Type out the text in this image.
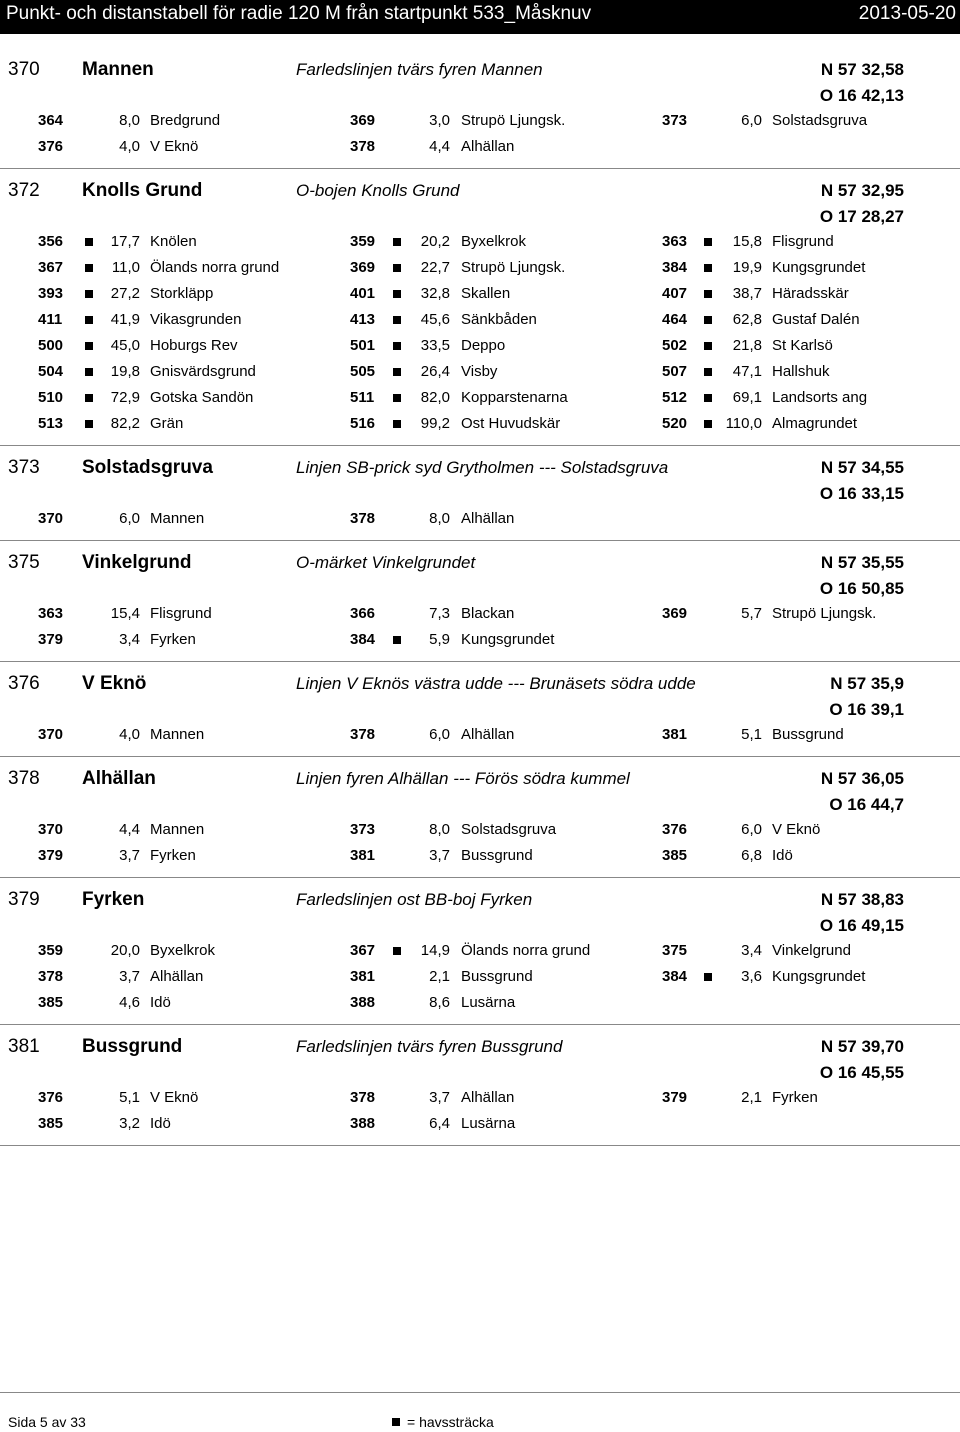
Punkt- och distanstabell för radie 120 M från startpunkt 533_Måsknuv	2013-05-20
370 Mannen	Farledslinjen tvärs fyren Mannen	N 57 32,58
O 16 42,13
364	8,0 Bredgrund	369	3,0 Strupö Ljungsk.	373	6,0 Solstadsgruva
376	4,0 V Eknö	378	4,4 Alhällan
372 Knolls Grund	O-bojen Knolls Grund	N 57 32,95
O 17 28,27
356	17,7 Knölen	359	20,2 Byxelkrok	363	15,8 Flisgrund
367	11,0 Ölands norra grund	369	22,7 Strupö Ljungsk.	384	19,9 Kungsgrundet
393	27,2 Storkläpp	401	32,8 Skallen	407	38,7 Häradsskär
411	41,9 Vikasgrunden	413	45,6 Sänkbåden	464	62,8 Gustaf Dalén
500	45,0 Hoburgs Rev	501	33,5 Deppo	502	21,8 St Karlsö
504	19,8 Gnisvärdsgrund	505	26,4 Visby	507	47,1 Hallshuk
510	72,9 Gotska Sandön	511	82,0 Kopparstenarna	512	69,1 Landsorts ang
513	82,2 Grän	516	99,2 Ost Huvudskär	520	110,0 Almagrundet
373 Solstadsgruva	Linjen SB-prick syd Grytholmen --- Solstadsgruva	N 57 34,55
O 16 33,15
370	6,0 Mannen	378	8,0 Alhällan
375 Vinkelgrund	O-märket Vinkelgrundet	N 57 35,55
O 16 50,85
363	15,4 Flisgrund	366	7,3 Blackan	369	5,7 Strupö Ljungsk.
379	3,4 Fyrken	384	5,9 Kungsgrundet
376 V Eknö	Linjen V Eknös västra udde --- Brunäsets södra udde	N 57 35,9
O 16 39,1
370	4,0 Mannen	378	6,0 Alhällan	381	5,1 Bussgrund
378 Alhällan	Linjen fyren Alhällan --- Förös södra kummel	N 57 36,05
O 16 44,7
370	4,4 Mannen	373	8,0 Solstadsgruva	376	6,0 V Eknö
379	3,7 Fyrken	381	3,7 Bussgrund	385	6,8 Idö
379 Fyrken	Farledslinjen ost BB-boj Fyrken	N 57 38,83
O 16 49,15
359	20,0 Byxelkrok	367	14,9 Ölands norra grund	375	3,4 Vinkelgrund
378	3,7 Alhällan	381	2,1 Bussgrund	384	3,6 Kungsgrundet
385	4,6 Idö	388	8,6 Lusärna
381 Bussgrund	Farledslinjen tvärs fyren Bussgrund	N 57 39,70
O 16 45,55
376	5,1 V Eknö	378	3,7 Alhällan	379	2,1 Fyrken
385	3,2 Idö	388	6,4 Lusärna
Sida 5 av 33	= havssträcka
